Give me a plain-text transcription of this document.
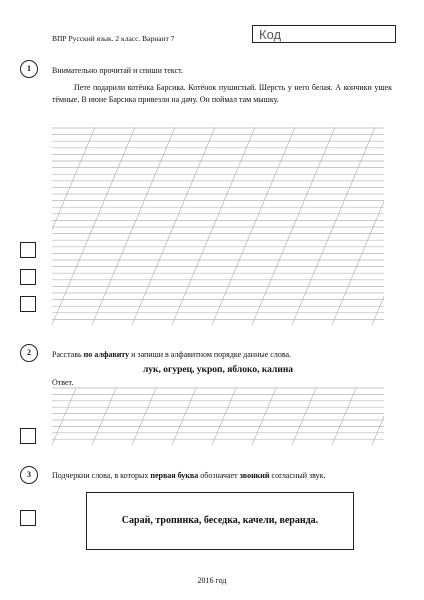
ВПР Русский язык. 2 класс. Вариант 7	Код
1	Внимательно прочитай и спиши текст.
Пете подарили котёнка Барсика. Котёнок пушистый. Шерсть у него белая. А кончики ушек тёмные. В июне Барсика привезли на дачу. Он поймал там мышку.
2	Расставь по алфавиту и запиши в алфавитном порядке данные слова.
лук, огурец, укроп, яблоко, калина
Ответ.
3	Подчеркни слова, в которых первая буква обозначает звонкий согласный звук.
Сарай, тропинка, беседка, качели, веранда.
2016 год
